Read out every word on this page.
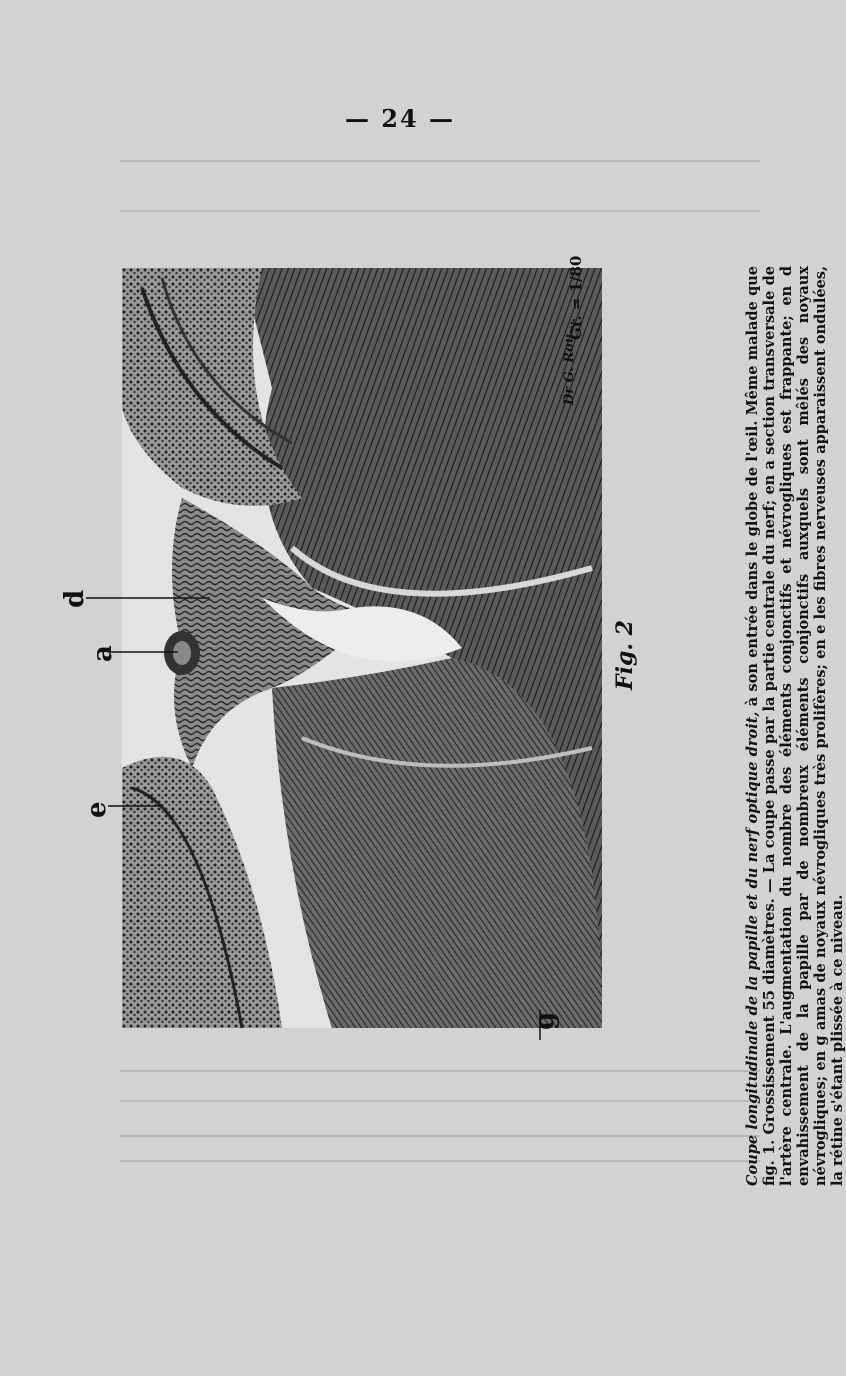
— 24 —
d
a
e
g
Dr G. Rou…
Gr. = 1/80
Fig. 2
Coupe longitudinale de la papille et du nerf optique droit, à son entrée dans le globe de l'œil. Même malade que fig. 1. Grossissement 55 diamètres. — La coupe passe par la partie centrale du nerf; en a section transversale de l'artère centrale. L'augmentation du nombre des éléments conjonctifs et névrogliques est frappante; en d envahissement de la papille par de nombreux éléments conjonctifs auxquels sont mêlés des noyaux névrogliques; en g amas de noyaux névrogliques très prolifères; en e les fibres nerveuses apparaissent ondulées, la rétine s'étant plissée à ce niveau.
